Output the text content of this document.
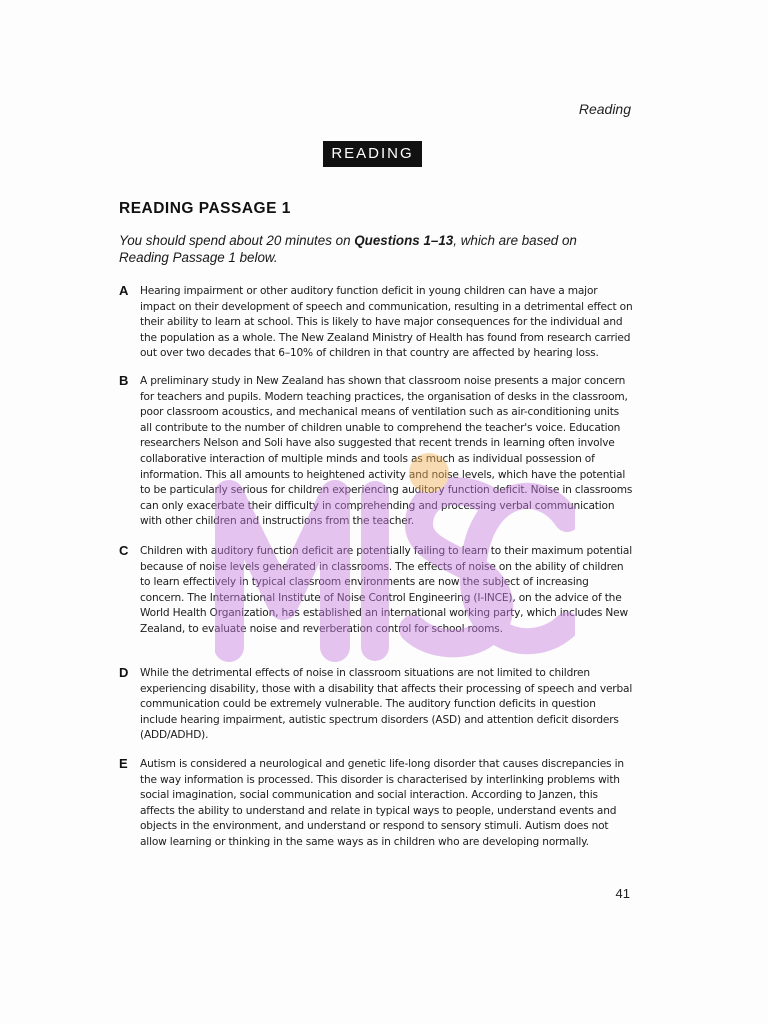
Reading
READING
READING PASSAGE 1
You should spend about 20 minutes on Questions 1–13, which are based on Reading Passage 1 below.
A Hearing impairment or other auditory function deficit in young children can have a major impact on their development of speech and communication, resulting in a detrimental effect on their ability to learn at school. This is likely to have major consequences for the individual and the population as a whole. The New Zealand Ministry of Health has found from research carried out over two decades that 6–10% of children in that country are affected by hearing loss.
B A preliminary study in New Zealand has shown that classroom noise presents a major concern for teachers and pupils. Modern teaching practices, the organisation of desks in the classroom, poor classroom acoustics, and mechanical means of ventilation such as air-conditioning units all contribute to the number of children unable to comprehend the teacher's voice. Education researchers Nelson and Soli have also suggested that recent trends in learning often involve collaborative interaction of multiple minds and tools as much as individual possession of information. This all amounts to heightened activity and noise levels, which have the potential to be particularly serious for children experiencing auditory function deficit. Noise in classrooms can only exacerbate their difficulty in comprehending and processing verbal communication with other children and instructions from the teacher.
C Children with auditory function deficit are potentially failing to learn to their maximum potential because of noise levels generated in classrooms. The effects of noise on the ability of children to learn effectively in typical classroom environments are now the subject of increasing concern. The International Institute of Noise Control Engineering (I-INCE), on the advice of the World Health Organization, has established an international working party, which includes New Zealand, to evaluate noise and reverberation control for school rooms.
D While the detrimental effects of noise in classroom situations are not limited to children experiencing disability, those with a disability that affects their processing of speech and verbal communication could be extremely vulnerable. The auditory function deficits in question include hearing impairment, autistic spectrum disorders (ASD) and attention deficit disorders (ADD/ADHD).
E Autism is considered a neurological and genetic life-long disorder that causes discrepancies in the way information is processed. This disorder is characterised by interlinking problems with social imagination, social communication and social interaction. According to Janzen, this affects the ability to understand and relate in typical ways to people, understand events and objects in the environment, and understand or respond to sensory stimuli. Autism does not allow learning or thinking in the same ways as in children who are developing normally.
41
